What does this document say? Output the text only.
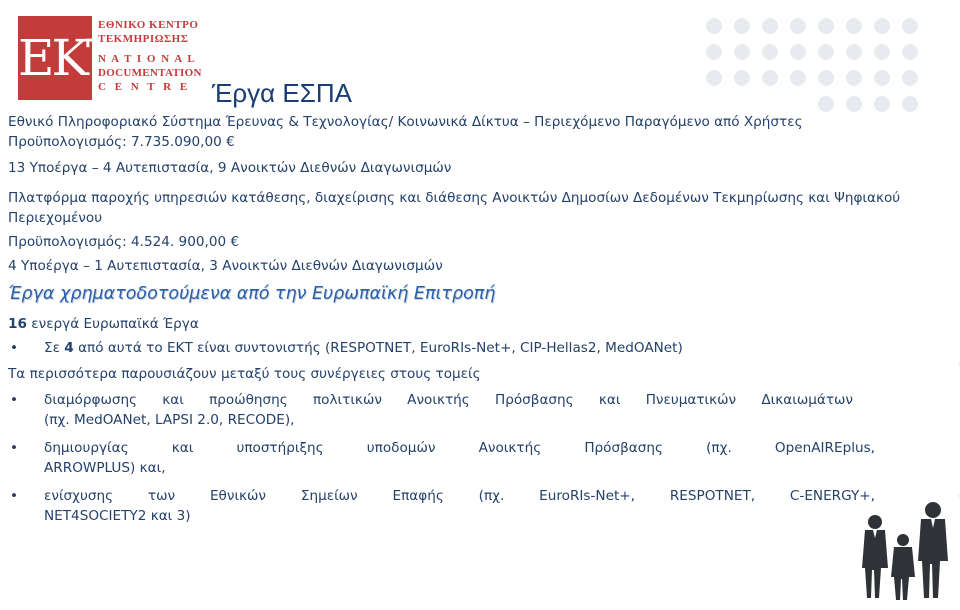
ΕΚΤ
ΕΘΝΙΚΟ ΚΕΝΤΡΟ
ΤΕΚΜΗΡΙΩΣΗΣ
N A T I O N A L
DOCUMENTATION
C E N T R E Έργα ΕΣΠΑ

Εθνικό Πληροφοριακό Σύστημα Έρευνας & Τεχνολογίας/ Κοινωνικά Δίκτυα – Περιεχόμενο Παραγόμενο από Χρήστες

Προϋπολογισμός: 7.735.090,00 €

13 Υποέργα – 4 Αυτεπιστασία, 9 Ανοικτών Διεθνών Διαγωνισμών

Πλατφόρμα παροχής υπηρεσιών κατάθεσης, διαχείρισης και διάθεσης Ανοικτών Δημοσίων Δεδομένων Τεκμηρίωσης και Ψηφιακού Περιεχομένου

Προϋπολογισμός: 4.524. 900,00 €

4 Υποέργα – 1 Αυτεπιστασία, 3 Ανοικτών Διεθνών Διαγωνισμών

Έργα χρηματοδοτούμενα από την Ευρωπαϊκή Επιτροπή

16 ενεργά Ευρωπαϊκά Έργα

•	Σε 4 από αυτά το ΕΚΤ είναι συντονιστής (RESPOTNET, EuroRIs-Net+, CIP-Hellas2, MedOANet)

Τα περισσότερα παρουσιάζουν μεταξύ τους συνέργειες στους τομείς

•	διαμόρφωσης και προώθησης πολιτικών Ανοικτής Πρόσβασης και Πνευματικών Δικαιωμάτων
(πχ. MedOANet, LAPSI 2.0, RECODE),
•	δημιουργίας και υποστήριξης υποδομών Ανοικτής Πρόσβασης (πχ. OpenAIREplus,
ARROWPLUS) και,
•	ενίσχυσης των Εθνικών Σημείων Επαφής (πχ. EuroRIs-Net+, RESPOTNET, C-ENERGY+,
NET4SOCIETY2 και 3)
